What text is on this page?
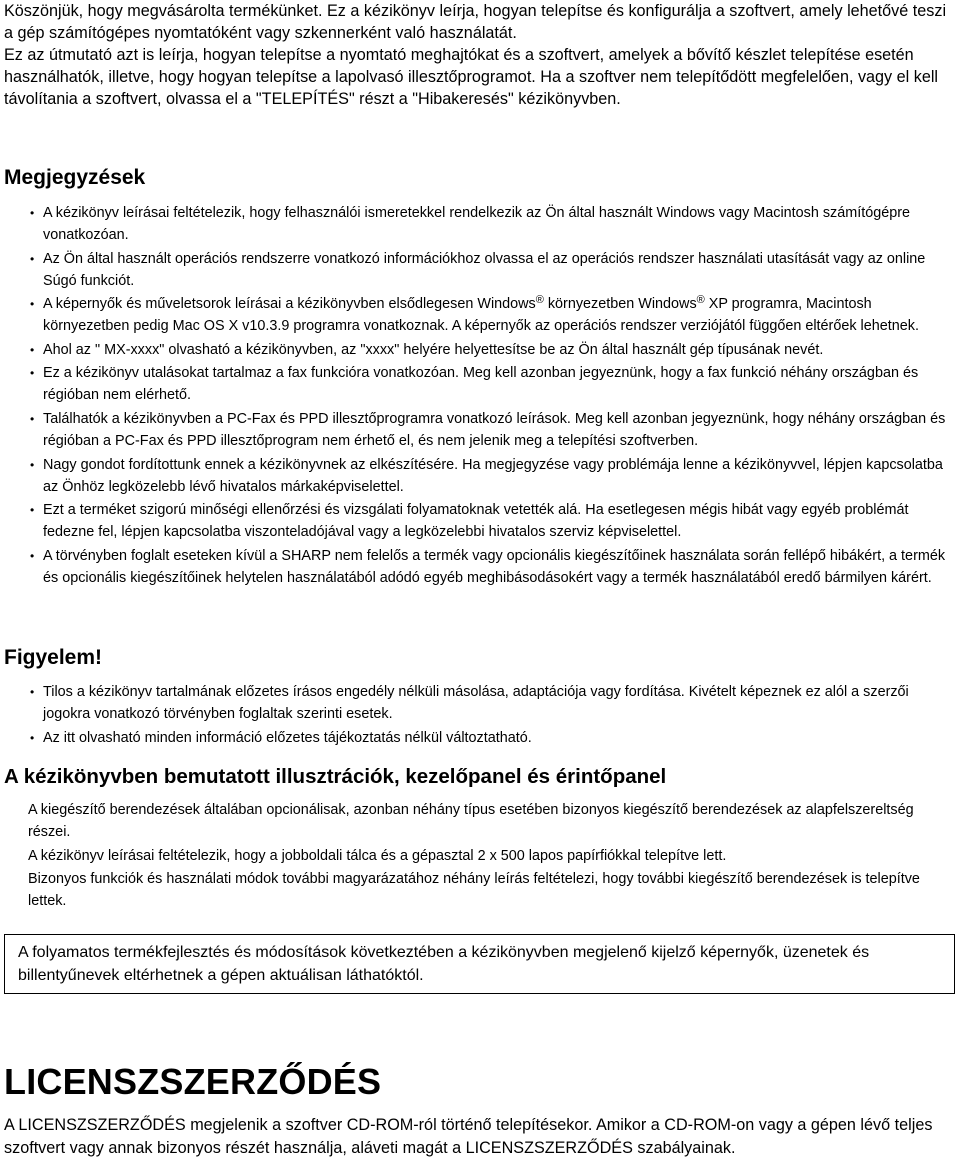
Köszönjük, hogy megvásárolta termékünket. Ez a kézikönyv leírja, hogyan telepítse és konfigurálja a szoftvert, amely lehetővé teszi a gép számítógépes nyomtatóként vagy szkennerként való használatát.

Ez az útmutató azt is leírja, hogyan telepítse a nyomtató meghajtókat és a szoftvert, amelyek a bővítő készlet telepítése esetén használhatók, illetve, hogy hogyan telepítse a lapolvasó illesztőprogramot. Ha a szoftver nem telepítődött megfelelően, vagy el kell távolítania a szoftvert, olvassa el a "TELEPÍTÉS" részt a "Hibakeresés" kézikönyvben.

Megjegyzések
• A kézikönyv leírásai feltételezik, hogy felhasználói ismeretekkel rendelkezik az Ön által használt Windows vagy Macintosh számítógépre vonatkozóan.
• Az Ön által használt operációs rendszerre vonatkozó információkhoz olvassa el az operációs rendszer használati utasítását vagy az online Súgó funkciót.
• A képernyők és műveletsorok leírásai a kézikönyvben elsődlegesen Windows® környezetben Windows® XP programra, Macintosh környezetben pedig Mac OS X v10.3.9 programra vonatkoznak. A képernyők az operációs rendszer verziójától függően eltérőek lehetnek.
• Ahol az " MX-xxxx" olvasható a kézikönyvben, az "xxxx" helyére helyettesítse be az Ön által használt gép típusának nevét.
• Ez a kézikönyv utalásokat tartalmaz a fax funkcióra vonatkozóan. Meg kell azonban jegyeznünk, hogy a fax funkció néhány országban és régióban nem elérhető.
• Találhatók a kézikönyvben a PC-Fax és PPD illesztőprogramra vonatkozó leírások. Meg kell azonban jegyeznünk, hogy néhány országban és régióban a PC-Fax és PPD illesztőprogram nem érhető el, és nem jelenik meg a telepítési szoftverben.
• Nagy gondot fordítottunk ennek a kézikönyvnek az elkészítésére. Ha megjegyzése vagy problémája lenne a kézikönyvvel, lépjen kapcsolatba az Önhöz legközelebb lévő hivatalos márkaképviselettel.
• Ezt a terméket szigorú minőségi ellenőrzési és vizsgálati folyamatoknak vetették alá. Ha esetlegesen mégis hibát vagy egyéb problémát fedezne fel, lépjen kapcsolatba viszonteladójával vagy a legközelebbi hivatalos szerviz képviselettel.
• A törvényben foglalt eseteken kívül a SHARP nem felelős a termék vagy opcionális kiegészítőinek használata során fellépő hibákért, a termék és opcionális kiegészítőinek helytelen használatából adódó egyéb meghibásodásokért vagy a termék használatából eredő bármilyen kárért.
Figyelem!
• Tilos a kézikönyv tartalmának előzetes írásos engedély nélküli másolása, adaptációja vagy fordítása. Kivételt képeznek ez alól a szerzői jogokra vonatkozó törvényben foglaltak szerinti esetek.
• Az itt olvasható minden információ előzetes tájékoztatás nélkül változtatható.
A kézikönyvben bemutatott illusztrációk, kezelőpanel és érintőpanel

A kiegészítő berendezések általában opcionálisak, azonban néhány típus esetében bizonyos kiegészítő berendezések az alapfelszereltség részei.

A kézikönyv leírásai feltételezik, hogy a jobboldali tálca és a gépasztal 2 x 500 lapos papírfiókkal telepítve lett.

Bizonyos funkciók és használati módok további magyarázatához néhány leírás feltételezi, hogy további kiegészítő berendezések is telepítve lettek.

A folyamatos termékfejlesztés és módosítások következtében a kézikönyvben megjelenő kijelző képernyők, üzenetek és billentyűnevek eltérhetnek a gépen aktuálisan láthatóktól.
LICENSZSZERZŐDÉS
A LICENSZSZERZŐDÉS megjelenik a szoftver CD-ROM-ról történő telepítésekor. Amikor a CD-ROM-on vagy a gépen lévő teljes szoftvert vagy annak bizonyos részét használja, aláveti magát a LICENSZSZERZŐDÉS szabályainak.
